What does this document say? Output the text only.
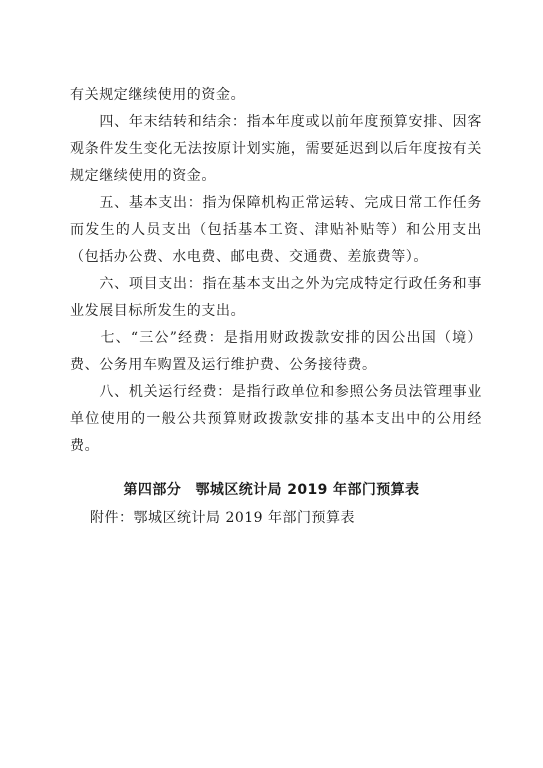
有关规定继续使用的资金。

　　四、年末结转和结余：指本年度或以前年度预算安排、因客观条件发生变化无法按原计划实施，需要延迟到以后年度按有关规定继续使用的资金。

　　五、基本支出：指为保障机构正常运转、完成日常工作任务而发生的人员支出（包括基本工资、津贴补贴等）和公用支出（包括办公费、水电费、邮电费、交通费、差旅费等）。

　　六、项目支出：指在基本支出之外为完成特定行政任务和事业发展目标所发生的支出。

　　七、“三公”经费：是指用财政拨款安排的因公出国（境）费、公务用车购置及运行维护费、公务接待费。

　　八、机关运行经费：是指行政单位和参照公务员法管理事业单位使用的一般公共预算财政拨款安排的基本支出中的公用经费。

第四部分　鄂城区统计局 2019 年部门预算表

附件：鄂城区统计局 2019 年部门预算表
